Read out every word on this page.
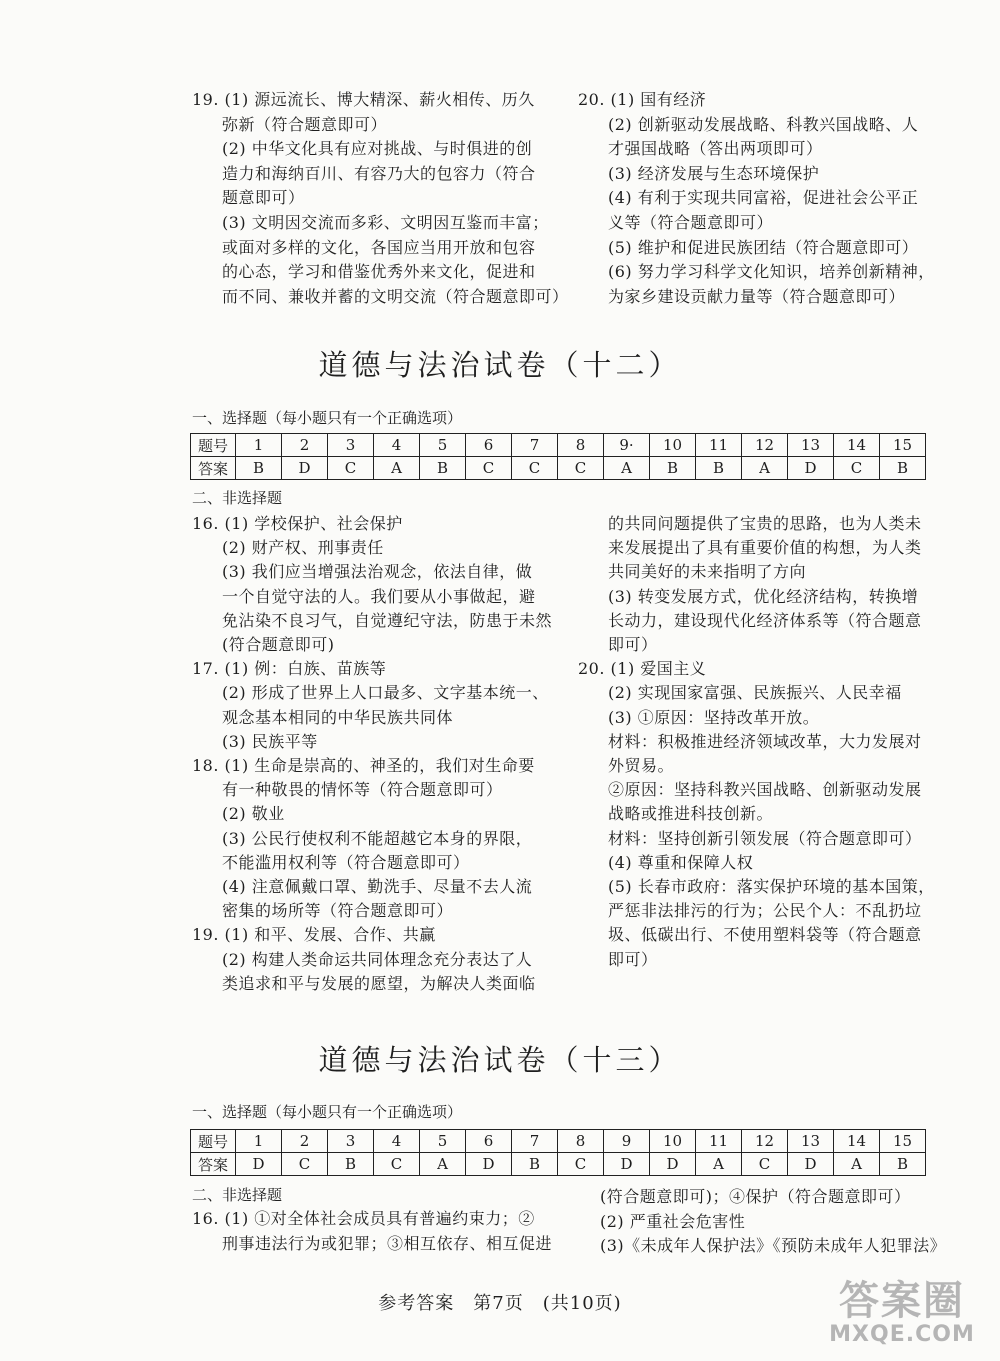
19. (1) 源远流长、博大精深、薪火相传、历久
弥新（符合题意即可）
(2) 中华文化具有应对挑战、与时俱进的创
造力和海纳百川、有容乃大的包容力（符合
题意即可）
(3) 文明因交流而多彩、文明因互鉴而丰富；
或面对多样的文化，各国应当用开放和包容
的心态，学习和借鉴优秀外来文化，促进和
而不同、兼收并蓄的文明交流（符合题意即可）
20. (1) 国有经济
(2) 创新驱动发展战略、科教兴国战略、人
才强国战略（答出两项即可）
(3) 经济发展与生态环境保护
(4) 有利于实现共同富裕，促进社会公平正
义等（符合题意即可）
(5) 维护和促进民族团结（符合题意即可）
(6) 努力学习科学文化知识，培养创新精神，
为家乡建设贡献力量等（符合题意即可）
道德与法治试卷（十二）
一、选择题（每小题只有一个正确选项）
题号	1	2	3	4	5	6	7	8	9·	10	11	12	13	14	15
答案	B	D	C	A	B	C	C	C	A	B	B	A	D	C	B
二、非选择题
16. (1) 学校保护、社会保护
(2) 财产权、刑事责任
(3) 我们应当增强法治观念，依法自律，做
一个自觉守法的人。我们要从小事做起，避
免沾染不良习气，自觉遵纪守法，防患于未然
(符合题意即可)
17. (1) 例：白族、苗族等
(2) 形成了世界上人口最多、文字基本统一、
观念基本相同的中华民族共同体
(3) 民族平等
18. (1) 生命是崇高的、神圣的，我们对生命要
有一种敬畏的情怀等（符合题意即可）
(2) 敬业
(3) 公民行使权利不能超越它本身的界限，
不能滥用权利等（符合题意即可）
(4) 注意佩戴口罩、勤洗手、尽量不去人流
密集的场所等（符合题意即可）
19. (1) 和平、发展、合作、共赢
(2) 构建人类命运共同体理念充分表达了人
类追求和平与发展的愿望，为解决人类面临
的共同问题提供了宝贵的思路，也为人类未
来发展提出了具有重要价值的构想，为人类
共同美好的未来指明了方向
(3) 转变发展方式，优化经济结构，转换增
长动力，建设现代化经济体系等（符合题意
即可）
20. (1) 爱国主义
(2) 实现国家富强、民族振兴、人民幸福
(3) ①原因：坚持改革开放。
材料：积极推进经济领域改革，大力发展对
外贸易。
②原因：坚持科教兴国战略、创新驱动发展
战略或推进科技创新。
材料：坚持创新引领发展（符合题意即可）
(4) 尊重和保障人权
(5) 长春市政府：落实保护环境的基本国策，
严惩非法排污的行为；公民个人：不乱扔垃
圾、低碳出行、不使用塑料袋等（符合题意
即可）
道德与法治试卷（十三）
一、选择题（每小题只有一个正确选项）
题号	1	2	3	4	5	6	7	8	9	10	11	12	13	14	15
答案	D	C	B	C	A	D	B	C	D	D	A	C	D	A	B
二、非选择题
16. (1) ①对全体社会成员具有普遍约束力；②
刑事违法行为或犯罪；③相互依存、相互促进
(符合题意即可)；④保护（符合题意即可）
(2) 严重社会危害性
(3)《未成年人保护法》《预防未成年人犯罪法》
参考答案　第7页　(共10页)	答案圈
MXQE.COM
